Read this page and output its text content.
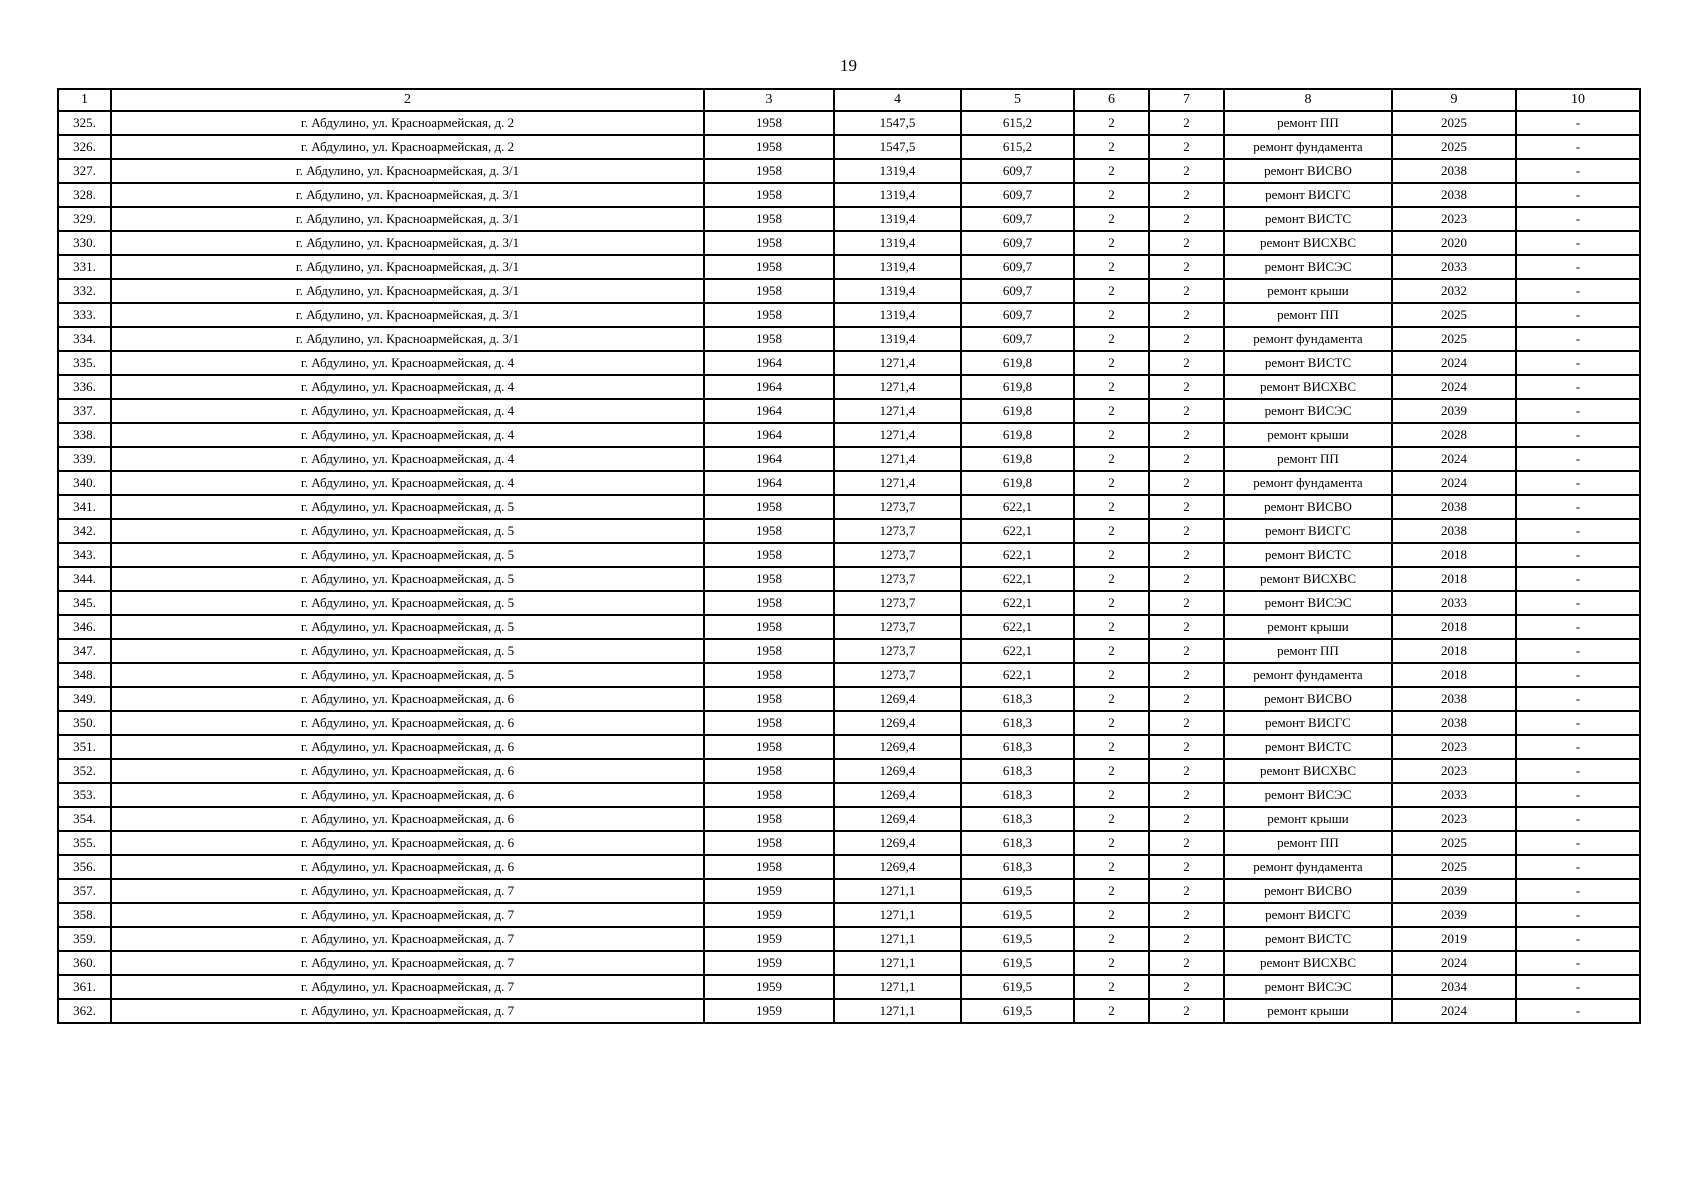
19
1	2	3	4	5	6	7	8	9	10
325.	г. Абдулино, ул. Красноармейская, д. 2	1958	1547,5	615,2	2	2	ремонт ПП	2025	-
326.	г. Абдулино, ул. Красноармейская, д. 2	1958	1547,5	615,2	2	2	ремонт фундамента	2025	-
327.	г. Абдулино, ул. Красноармейская, д. 3/1	1958	1319,4	609,7	2	2	ремонт ВИСВО	2038	-
328.	г. Абдулино, ул. Красноармейская, д. 3/1	1958	1319,4	609,7	2	2	ремонт ВИСГС	2038	-
329.	г. Абдулино, ул. Красноармейская, д. 3/1	1958	1319,4	609,7	2	2	ремонт ВИСТС	2023	-
330.	г. Абдулино, ул. Красноармейская, д. 3/1	1958	1319,4	609,7	2	2	ремонт ВИСХВС	2020	-
331.	г. Абдулино, ул. Красноармейская, д. 3/1	1958	1319,4	609,7	2	2	ремонт ВИСЭС	2033	-
332.	г. Абдулино, ул. Красноармейская, д. 3/1	1958	1319,4	609,7	2	2	ремонт крыши	2032	-
333.	г. Абдулино, ул. Красноармейская, д. 3/1	1958	1319,4	609,7	2	2	ремонт ПП	2025	-
334.	г. Абдулино, ул. Красноармейская, д. 3/1	1958	1319,4	609,7	2	2	ремонт фундамента	2025	-
335.	г. Абдулино, ул. Красноармейская, д. 4	1964	1271,4	619,8	2	2	ремонт ВИСТС	2024	-
336.	г. Абдулино, ул. Красноармейская, д. 4	1964	1271,4	619,8	2	2	ремонт ВИСХВС	2024	-
337.	г. Абдулино, ул. Красноармейская, д. 4	1964	1271,4	619,8	2	2	ремонт ВИСЭС	2039	-
338.	г. Абдулино, ул. Красноармейская, д. 4	1964	1271,4	619,8	2	2	ремонт крыши	2028	-
339.	г. Абдулино, ул. Красноармейская, д. 4	1964	1271,4	619,8	2	2	ремонт ПП	2024	-
340.	г. Абдулино, ул. Красноармейская, д. 4	1964	1271,4	619,8	2	2	ремонт фундамента	2024	-
341.	г. Абдулино, ул. Красноармейская, д. 5	1958	1273,7	622,1	2	2	ремонт ВИСВО	2038	-
342.	г. Абдулино, ул. Красноармейская, д. 5	1958	1273,7	622,1	2	2	ремонт ВИСГС	2038	-
343.	г. Абдулино, ул. Красноармейская, д. 5	1958	1273,7	622,1	2	2	ремонт ВИСТС	2018	-
344.	г. Абдулино, ул. Красноармейская, д. 5	1958	1273,7	622,1	2	2	ремонт ВИСХВС	2018	-
345.	г. Абдулино, ул. Красноармейская, д. 5	1958	1273,7	622,1	2	2	ремонт ВИСЭС	2033	-
346.	г. Абдулино, ул. Красноармейская, д. 5	1958	1273,7	622,1	2	2	ремонт крыши	2018	-
347.	г. Абдулино, ул. Красноармейская, д. 5	1958	1273,7	622,1	2	2	ремонт ПП	2018	-
348.	г. Абдулино, ул. Красноармейская, д. 5	1958	1273,7	622,1	2	2	ремонт фундамента	2018	-
349.	г. Абдулино, ул. Красноармейская, д. 6	1958	1269,4	618,3	2	2	ремонт ВИСВО	2038	-
350.	г. Абдулино, ул. Красноармейская, д. 6	1958	1269,4	618,3	2	2	ремонт ВИСГС	2038	-
351.	г. Абдулино, ул. Красноармейская, д. 6	1958	1269,4	618,3	2	2	ремонт ВИСТС	2023	-
352.	г. Абдулино, ул. Красноармейская, д. 6	1958	1269,4	618,3	2	2	ремонт ВИСХВС	2023	-
353.	г. Абдулино, ул. Красноармейская, д. 6	1958	1269,4	618,3	2	2	ремонт ВИСЭС	2033	-
354.	г. Абдулино, ул. Красноармейская, д. 6	1958	1269,4	618,3	2	2	ремонт крыши	2023	-
355.	г. Абдулино, ул. Красноармейская, д. 6	1958	1269,4	618,3	2	2	ремонт ПП	2025	-
356.	г. Абдулино, ул. Красноармейская, д. 6	1958	1269,4	618,3	2	2	ремонт фундамента	2025	-
357.	г. Абдулино, ул. Красноармейская, д. 7	1959	1271,1	619,5	2	2	ремонт ВИСВО	2039	-
358.	г. Абдулино, ул. Красноармейская, д. 7	1959	1271,1	619,5	2	2	ремонт ВИСГС	2039	-
359.	г. Абдулино, ул. Красноармейская, д. 7	1959	1271,1	619,5	2	2	ремонт ВИСТС	2019	-
360.	г. Абдулино, ул. Красноармейская, д. 7	1959	1271,1	619,5	2	2	ремонт ВИСХВС	2024	-
361.	г. Абдулино, ул. Красноармейская, д. 7	1959	1271,1	619,5	2	2	ремонт ВИСЭС	2034	-
362.	г. Абдулино, ул. Красноармейская, д. 7	1959	1271,1	619,5	2	2	ремонт крыши	2024	-
